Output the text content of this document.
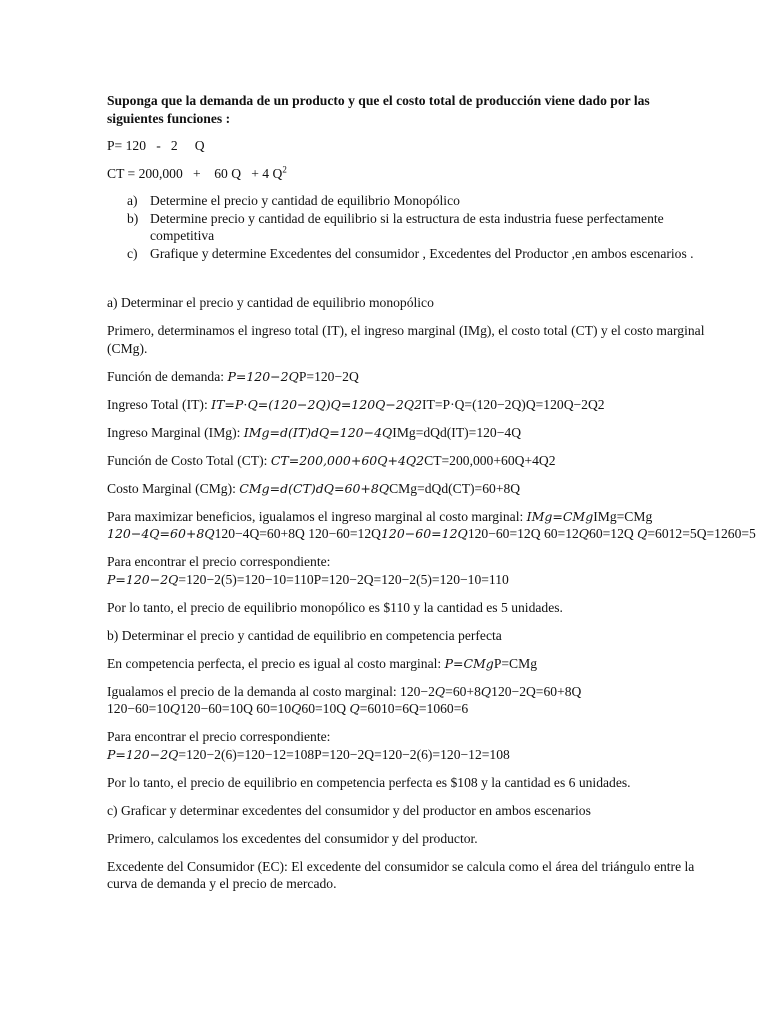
Suponga que la demanda de un producto y que el costo total de producción viene dado por las siguientes funciones :

P= 120   -   2     Q

CT = 200,000   +    60 Q   + 4 $Q^2$

a) Determine el precio y cantidad de equilibrio Monopólico
b) Determine precio y cantidad de equilibrio si la estructura de esta industria fuese perfectamente competitiva
c) Grafique y determine Excedentes del consumidor , Excedentes del Productor ,en ambos escenarios .

a) Determinar el precio y cantidad de equilibrio monopólico

Primero, determinamos el ingreso total (IT), el ingreso marginal (IMg), el costo total (CT) y el costo marginal (CMg).

Función de demanda: P=120−2QP=120−2Q

Ingreso Total (IT): IT=P⋅Q=(120−2Q)Q=120Q−2Q2IT=P·Q=(120−2Q)Q=120Q−2Q2

Ingreso Marginal (IMg): IMg=d(IT)dQ=120−4QIMg=dQd(IT)=120−4Q

Función de Costo Total (CT): CT=200,000+60Q+4Q2CT=200,000+60Q+4Q2

Costo Marginal (CMg): CMg=d(CT)dQ=60+8QCMg=dQd(CT)=60+8Q

Para maximizar beneficios, igualamos el ingreso marginal al costo marginal: IMg=CMgIMg=CMg
120−4Q=60+8Q120−4Q=60+8Q 120−60=12Q120−60=12Q120−60=12Q 60=12Q60=12Q Q=6012=5Q=1260=5

Para encontrar el precio correspondiente:
P=120−2Q=120−2(5)=120−10=110P=120−2Q=120−2(5)=120−10=110

Por lo tanto, el precio de equilibrio monopólico es $110 y la cantidad es 5 unidades.

b) Determinar el precio y cantidad de equilibrio en competencia perfecta

En competencia perfecta, el precio es igual al costo marginal: P=CMgP=CMg

Igualamos el precio de la demanda al costo marginal: 120−2Q=60+8Q120−2Q=60+8Q
120−60=10Q120−60=10Q 60=10Q60=10Q Q=6010=6Q=1060=6

Para encontrar el precio correspondiente:
P=120−2Q=120−2(6)=120−12=108P=120−2Q=120−2(6)=120−12=108

Por lo tanto, el precio de equilibrio en competencia perfecta es $108 y la cantidad es 6 unidades.

c) Graficar y determinar excedentes del consumidor y del productor en ambos escenarios

Primero, calculamos los excedentes del consumidor y del productor.

Excedente del Consumidor (EC): El excedente del consumidor se calcula como el área del triángulo entre la curva de demanda y el precio de mercado.
